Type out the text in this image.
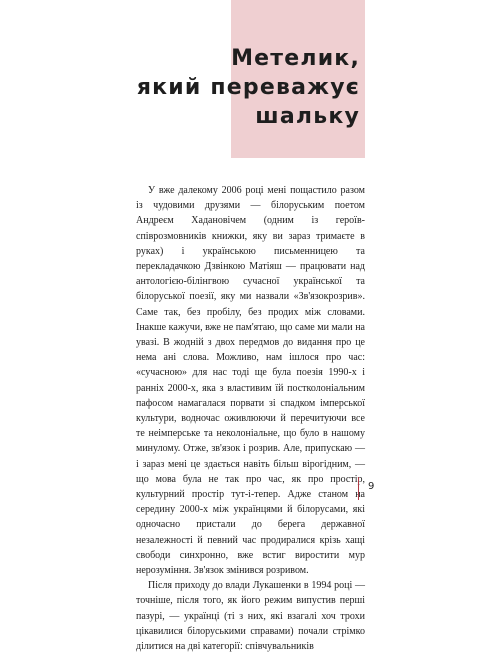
Метелик,
який переважує
шальку

У вже далекому 2006 році мені пощастило разом із чудовими друзями — білоруським поетом Андреєм Хадановічем (одним із героїв-співрозмовників книжки, яку ви зараз тримаєте в руках) і українською письменницею та перекладачкою Дзвінкою Матіяш — працювати над антологією-білінгвою сучасної української та білоруської поезії, яку ми назвали «Зв'язокрозрив». Саме так, без пробілу, без продих між словами. Інакше кажучи, вже не пам'ятаю, що саме ми мали на увазі. В жодній з двох передмов до видання про це нема ані слова. Можливо, нам ішлося про час: «сучасною» для нас тоді ще була поезія 1990-х і ранніх 2000-х, яка з властивим їй постколоніальним пафосом намагалася порвати зі спадком імперської культури, водночас оживлюючи й перечитуючи все те неімперське та неколоніальне, що було в нашому минулому. Отже, зв'язок і розрив. Але, припускаю — і зараз мені це здається навіть більш вірогідним, — що мова була не так про час, як про простір, культурний простір тут-і-тепер. Адже станом на середину 2000-х між українцями й білорусами, які одночасно пристали до берега державної незалежності й певний час продиралися крізь хащі свободи синхронно, вже встиг виростити мур нерозуміння. Зв'язок змінився розривом.

Після приходу до влади Лукашенки в 1994 році — точніше, після того, як його режим випустив перші пазурі, — українці (ті з них, які взагалі хоч трохи цікавилися білоруськими справами) почали стрімко ділитися на дві категорії: співчувальників

9
